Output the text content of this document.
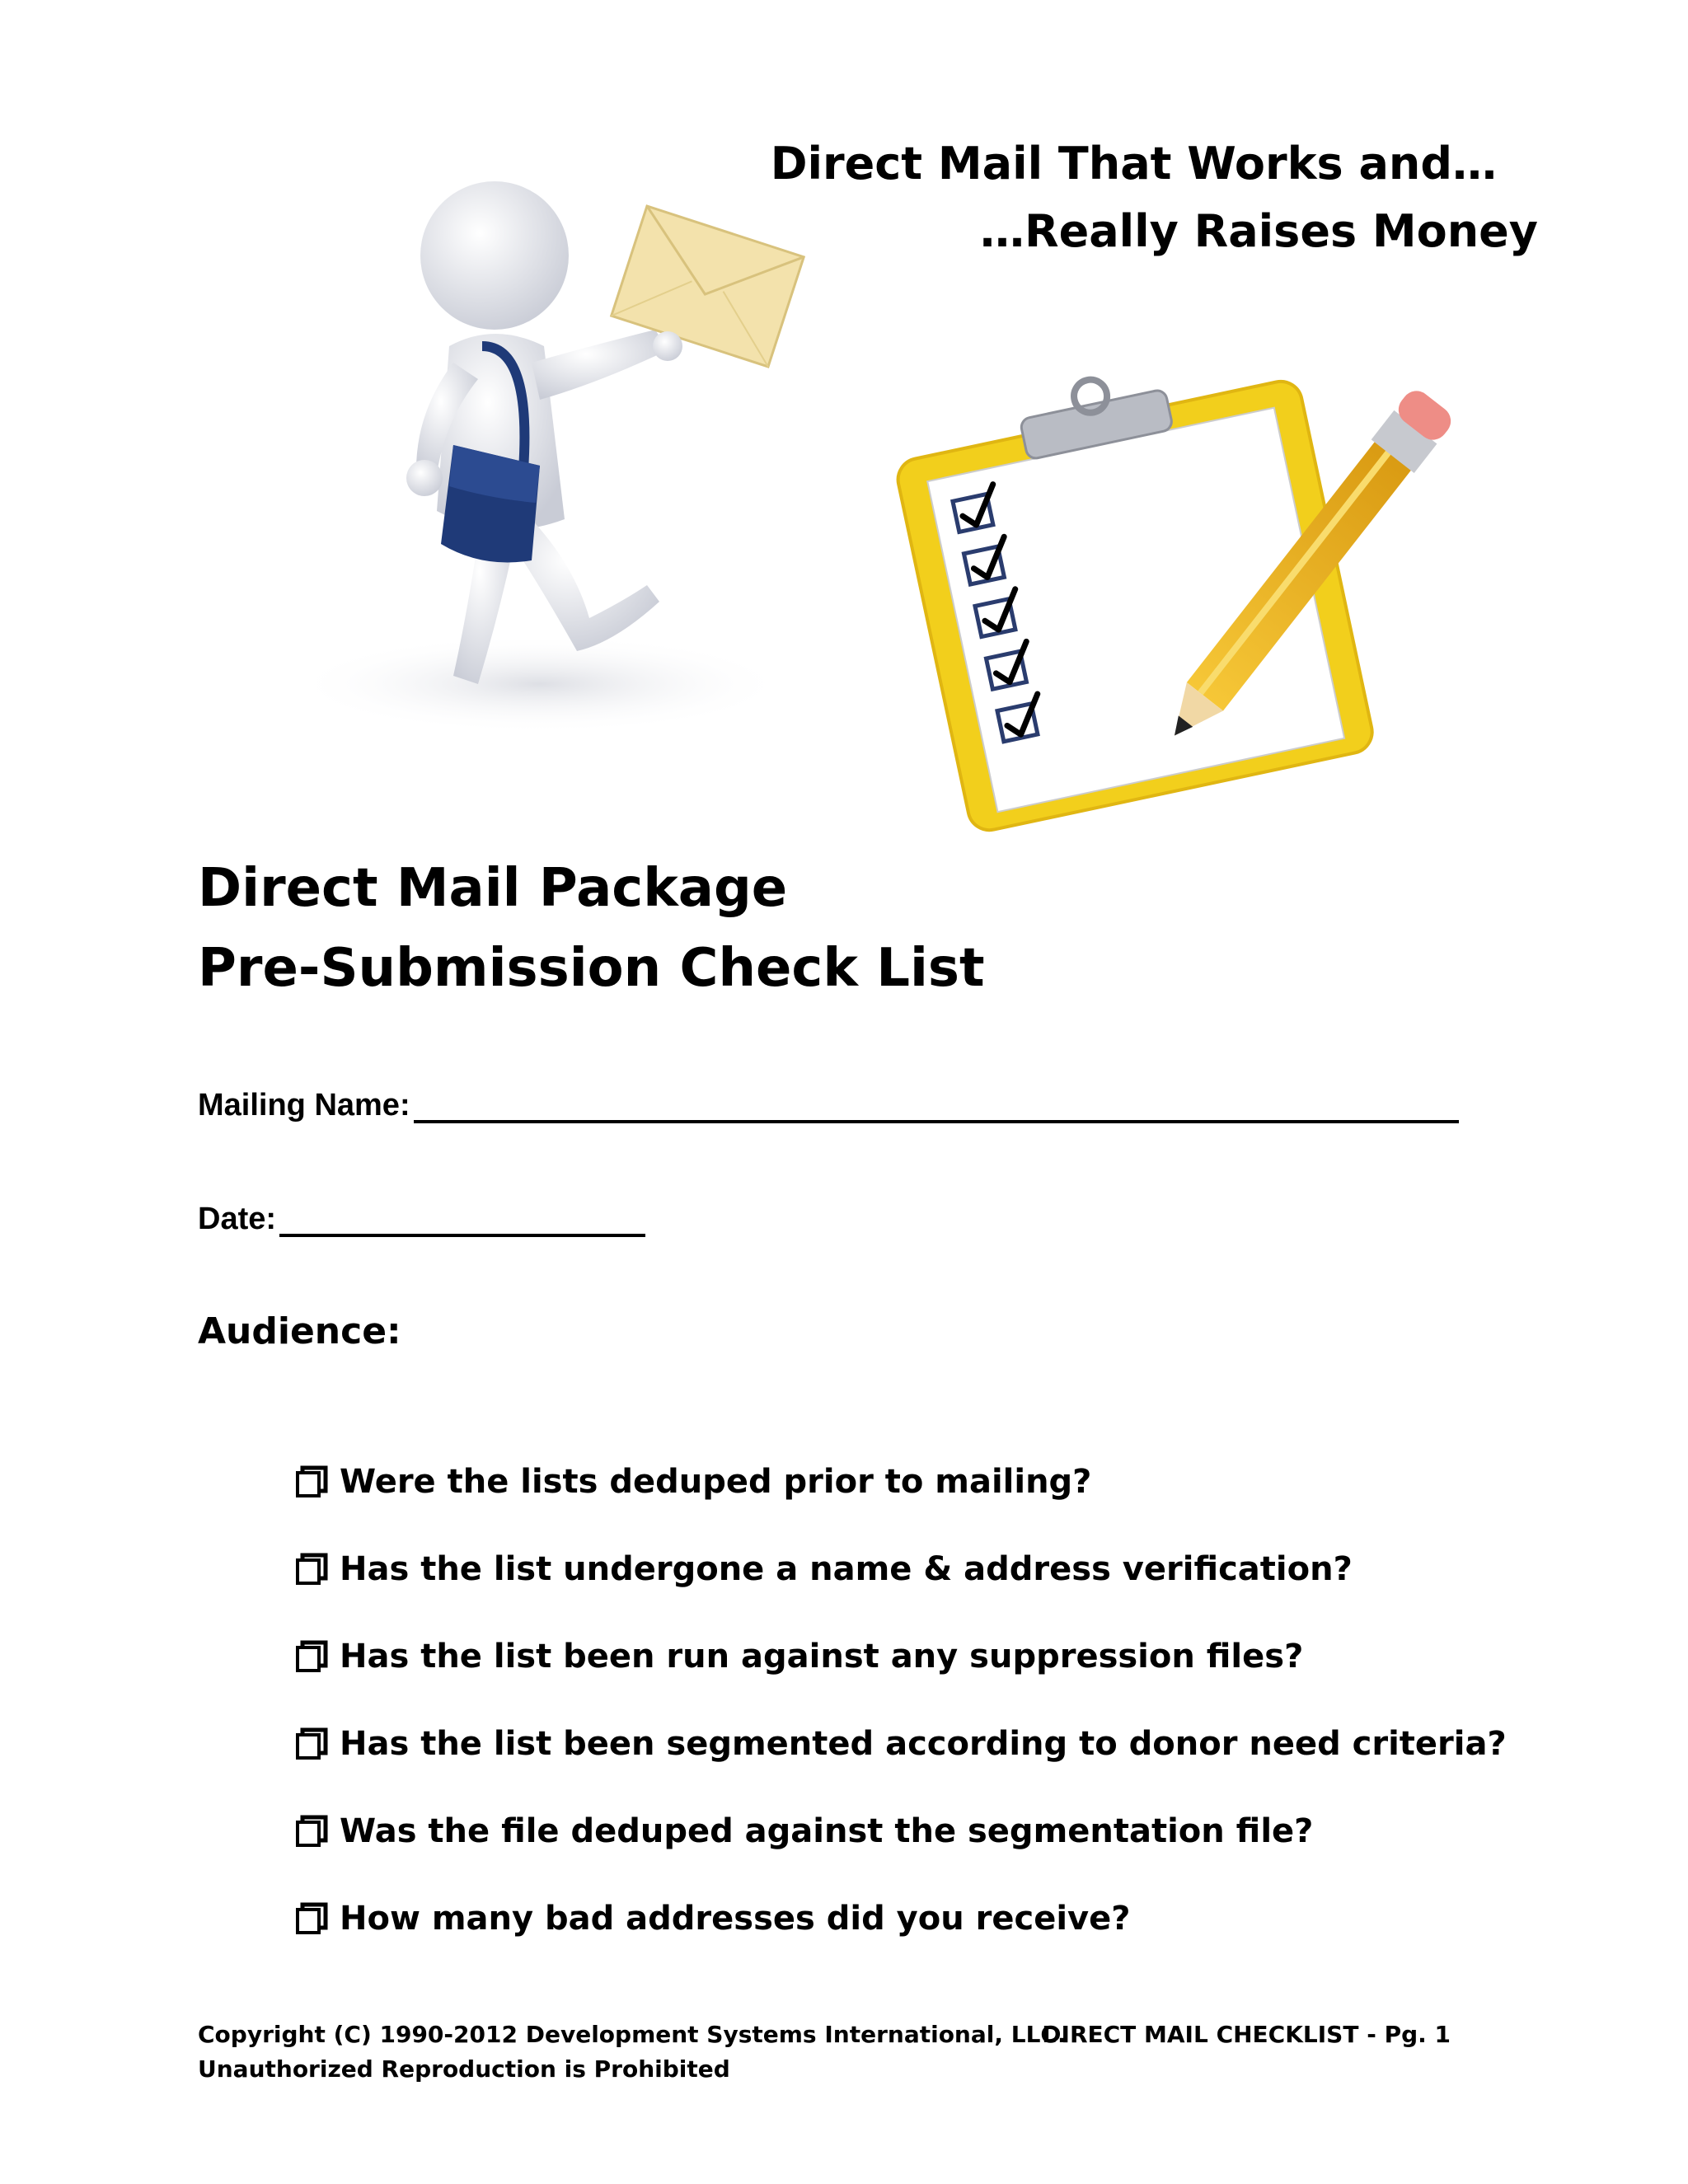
Direct Mail That Works and…
…Really Raises Money
Direct Mail Package
Pre-Submission Check List
Mailing Name:
Date:
Audience:
Were the lists deduped prior to mailing?
Has the list undergone a name & address verification?
Has the list been run against any suppression files?
Has the list been segmented according to donor need criteria?
Was the file deduped against the segmentation file?
How many bad addresses did you receive?
Copyright (C) 1990-2012 Development Systems International, LLC.
Unauthorized Reproduction is Prohibited
DIRECT MAIL CHECKLIST - Pg. 1
